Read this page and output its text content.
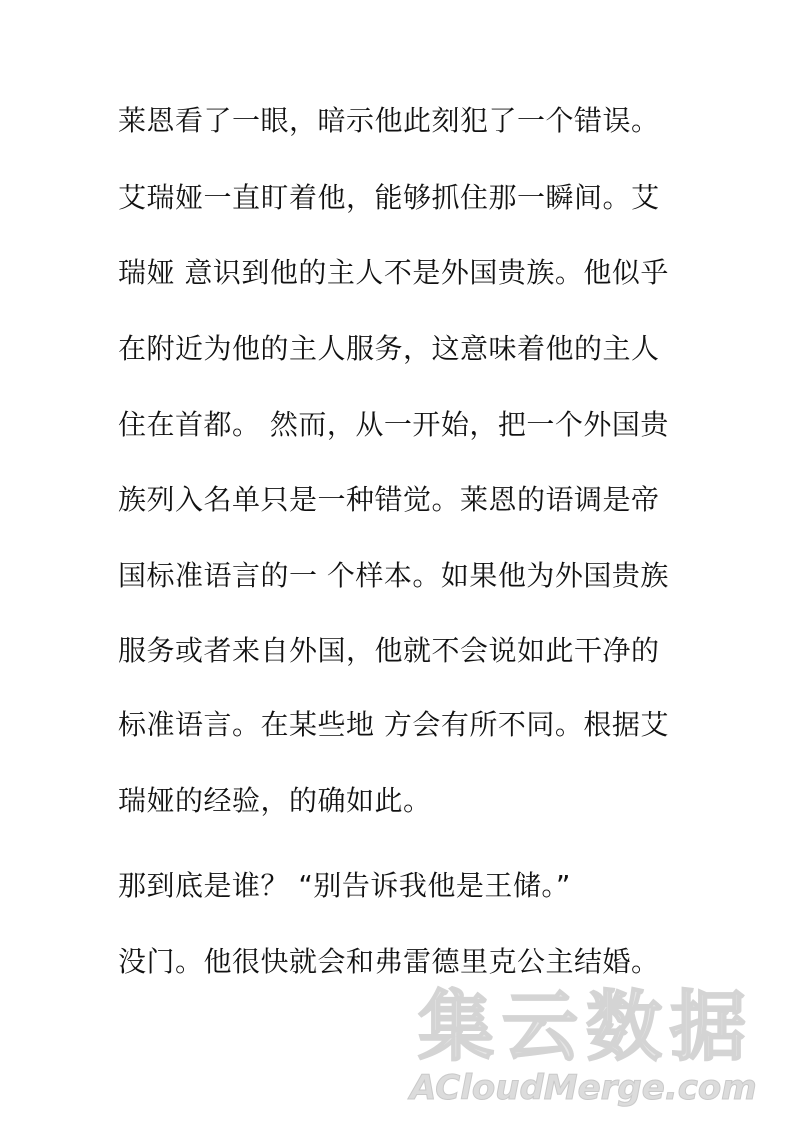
莱恩看了一眼，暗示他此刻犯了一个错误。
艾瑞娅一直盯着他，能够抓住那一瞬间。艾
瑞娅 意识到他的主人不是外国贵族。他似乎
在附近为他的主人服务，这意味着他的主人
住在首都。 然而，从一开始，把一个外国贵
族列入名单只是一种错觉。莱恩的语调是帝
国标准语言的一 个样本。如果他为外国贵族
服务或者来自外国，他就不会说如此干净的
标准语言。在某些地 方会有所不同。根据艾
瑞娅的经验，的确如此。
那到底是谁？ “别告诉我他是王储。”
没门。他很快就会和弗雷德里克公主结婚。
集云数据
ACloudMerge.com
